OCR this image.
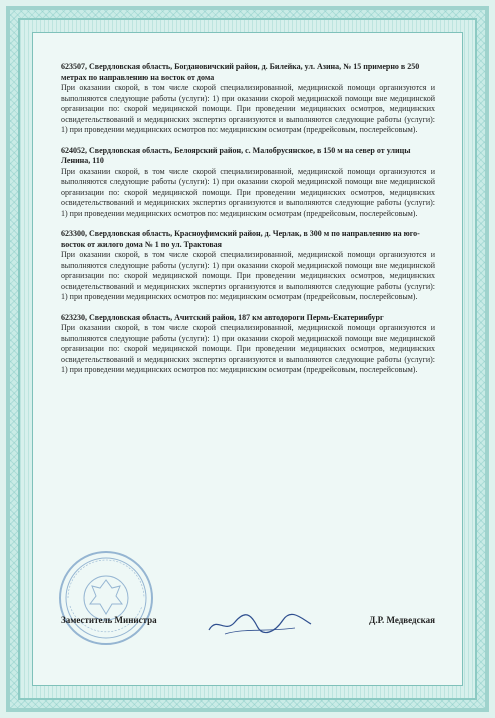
623507, Свердловская область, Богдановичский район, д. Билейка, ул. Азина, № 15 примерно в 250 метрах по направлению на восток от дома
При оказании скорой, в том числе скорой специализированной, медицинской помощи организуются и выполняются следующие работы (услуги): 1) при оказании скорой медицинской помощи вне медицинской организации по: скорой медицинской помощи. При проведении медицинских осмотров, медицинских освидетельствований и медицинских экспертиз организуются и выполняются следующие работы (услуги): 1) при проведении медицинских осмотров по: медицинским осмотрам (предрейсовым, послерейсовым).
624052, Свердловская область, Белоярский район, с. Малобрусянское, в 150 м на север от улицы Ленина, 110
При оказании скорой, в том числе скорой специализированной, медицинской помощи организуются и выполняются следующие работы (услуги): 1) при оказании скорой медицинской помощи вне медицинской организации по: скорой медицинской помощи. При проведении медицинских осмотров, медицинских освидетельствований и медицинских экспертиз организуются и выполняются следующие работы (услуги): 1) при проведении медицинских осмотров по: медицинским осмотрам (предрейсовым, послерейсовым).
623300, Свердловская область, Красноуфимский район, д. Черлак, в 300 м по направлению на юго-восток от жилого дома № 1 по ул. Трактовая
При оказании скорой, в том числе скорой специализированной, медицинской помощи организуются и выполняются следующие работы (услуги): 1) при оказании скорой медицинской помощи вне медицинской организации по: скорой медицинской помощи. При проведении медицинских осмотров, медицинских освидетельствований и медицинских экспертиз организуются и выполняются следующие работы (услуги): 1) при проведении медицинских осмотров по: медицинским осмотрам (предрейсовым, послерейсовым).
623230, Свердловская область, Ачитский район, 187 км автодороги Пермь-Екатеринбург
При оказании скорой, в том числе скорой специализированной, медицинской помощи организуются и выполняются следующие работы (услуги): 1) при оказании скорой медицинской помощи вне медицинской организации по: скорой медицинской помощи. При проведении медицинских осмотров, медицинских освидетельствований и медицинских экспертиз организуются и выполняются следующие работы (услуги): 1) при проведении медицинских осмотров по: медицинским осмотрам (предрейсовым, послерейсовым).
Заместитель Министра	Д.Р. Медведская
